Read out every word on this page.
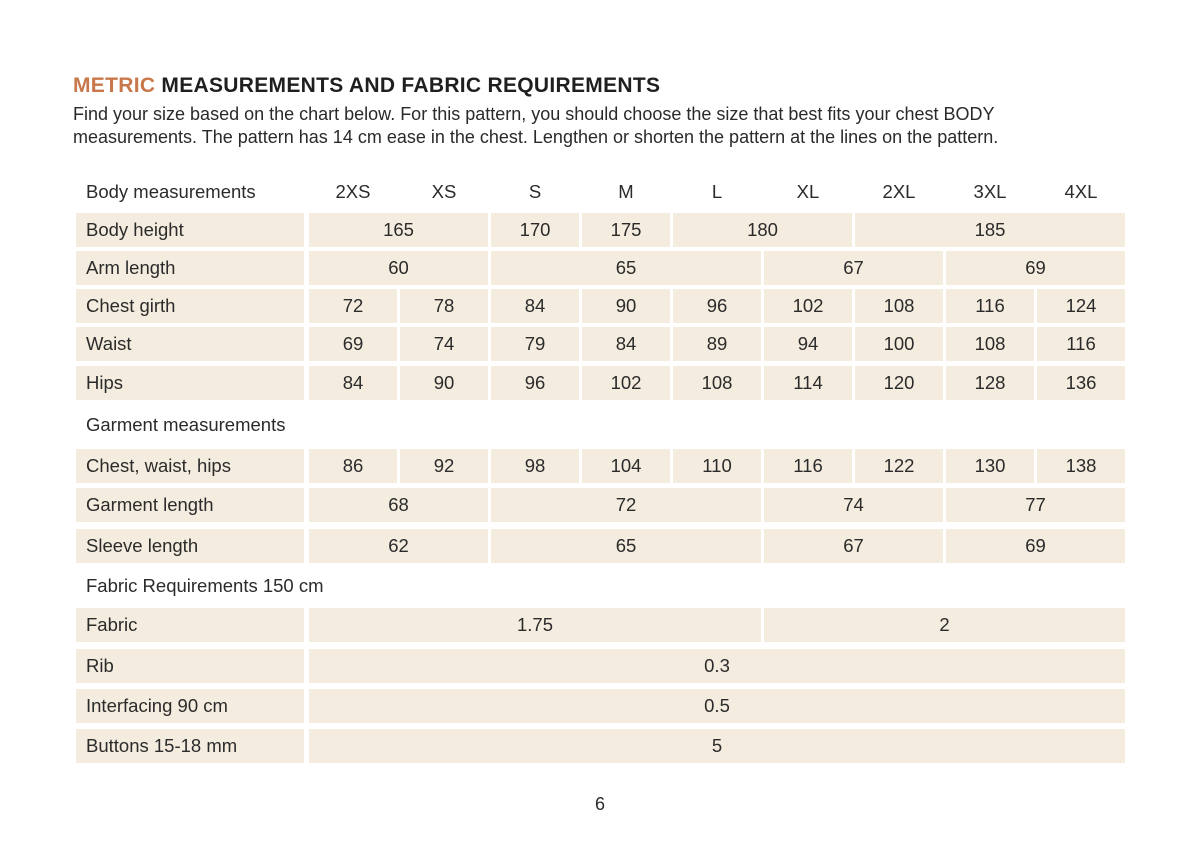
METRIC MEASUREMENTS AND FABRIC REQUIREMENTS

Find your size based on the chart below. For this pattern, you should choose the size that best fits your chest BODY

measurements. The pattern has 14 cm ease in the chest. Lengthen or shorten the pattern at the lines on the pattern.

Body measurements	2XS	XS	S	M	L	XL	2XL	3XL	4XL
Body height	165	170	175	180	185
Arm length	60	65	67	69
Chest girth	72	78	84	90	96	102	108	116	124
Waist	69	74	79	84	89	94	100	108	116
Hips	84	90	96	102	108	114	120	128	136
Garment measurements
Chest, waist, hips	86	92	98	104	110	116	122	130	138
Garment length	68	72	74	77
Sleeve length	62	65	67	69
Fabric Requirements 150 cm
Fabric	1.75	2
Rib	0.3
Interfacing 90 cm	0.5
Buttons 15-18 mm	5
6
